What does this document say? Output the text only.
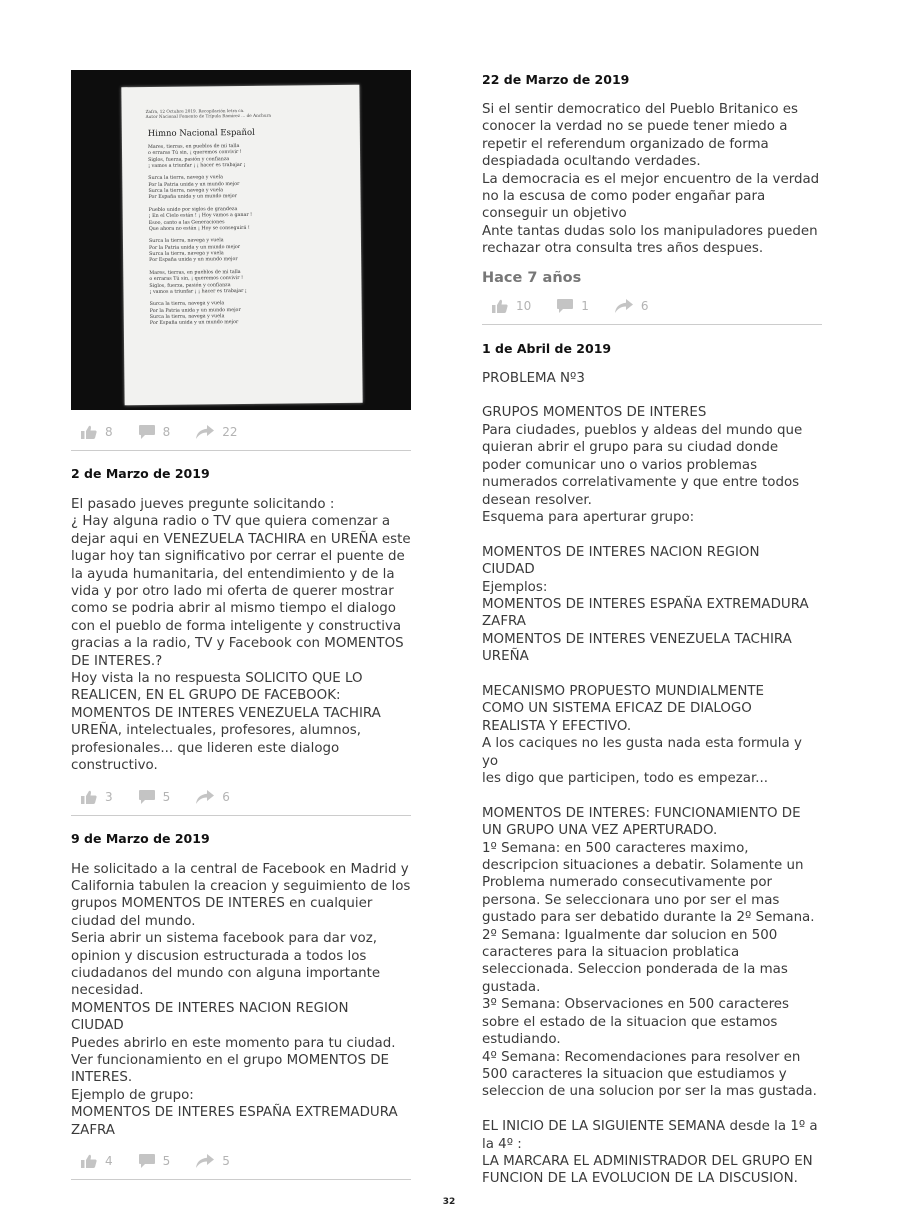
Zafra, 12 Octubre 2019. Recopilación letra ca.
Autor Nacional Fomento de Trípula Ramírez ... de Anchura
Himno Nacional Español
Mares, tierras, en pueblos de mi talla
o erraras Tú sin, ¡ queremos convivir !
Siglos, fuerza, pasión y confianza
¡ vamos a triunfar ¡ ¡ hacer es trabajar ¡

Surca la tierra, navega y vuela
Por la Patria unida y un mundo mejor
Surca la tierra, navega y vuela
Por España unida y un mundo mejor

Pueblo unido por siglos de grandeza
¡ En el Cielo están ! ¡ Hoy vamos a ganar !
Esoo, canto a las Generaciones
Que ahora no están ¡ Hoy se conseguirá !

Surca la tierra, navega y vuela
Por la Patria unida y un mundo mejor
Surca la tierra, navega y vuela
Por España unida y un mundo mejor

Mares, tierras, en pueblos de mi talla
o erraras Tú sin, ¡ queremos convivir !
Siglos, fuerza, pasión y confianza
¡ vamos a triunfar ¡ ¡ hacer es trabajar ¡

Surca la tierra, navega y vuela
Por la Patria unida y un mundo mejor
Surca la tierra, navega y vuela
Por España unida y un mundo mejor
8	8	22

2 de Marzo de 2019

El pasado jueves pregunte solicitando :
¿ Hay alguna radio o TV que quiera comenzar a
dejar aqui en VENEZUELA TACHIRA en UREÑA este
lugar hoy tan significativo por cerrar el puente de
la ayuda humanitaria, del entendimiento y de la
vida y por otro lado mi oferta de querer mostrar
como se podria abrir al mismo tiempo el dialogo
con el pueblo de forma inteligente y constructiva
gracias a la radio, TV y Facebook con MOMENTOS
DE INTERES.?
Hoy vista la no respuesta SOLICITO QUE LO
REALICEN, EN EL GRUPO DE FACEBOOK:
MOMENTOS DE INTERES VENEZUELA TACHIRA
UREÑA, intelectuales, profesores, alumnos,
profesionales... que lideren este dialogo
constructivo.
3	5	6

9 de Marzo de 2019

He solicitado a la central de Facebook en Madrid y
California tabulen la creacion y seguimiento de los
grupos MOMENTOS DE INTERES en cualquier
ciudad del mundo.
Seria abrir un sistema facebook para dar voz,
opinion y discusion estructurada a todos los
ciudadanos del mundo con alguna importante
necesidad.
MOMENTOS DE INTERES NACION REGION
CIUDAD
Puedes abrirlo en este momento para tu ciudad.
Ver funcionamiento en el grupo MOMENTOS DE
INTERES.
Ejemplo de grupo:
MOMENTOS DE INTERES ESPAÑA EXTREMADURA
ZAFRA
4	5	5

22 de Marzo de 2019

Si el sentir democratico del Pueblo Britanico es
conocer la verdad no se puede tener miedo a
repetir el referendum organizado de forma
despiadada ocultando verdades.
La democracia es el mejor encuentro de la verdad
no la escusa de como poder engañar para
conseguir un objetivo
Ante tantas dudas solo los manipuladores pueden
rechazar otra consulta tres años despues.
Hace 7 años
10	1	6

1 de Abril de 2019

PROBLEMA Nº3

GRUPOS MOMENTOS DE INTERES
Para ciudades, pueblos y aldeas del mundo que
quieran abrir el grupo para su ciudad donde
poder comunicar uno o varios problemas
numerados correlativamente y que entre todos
desean resolver.
Esquema para aperturar grupo:

MOMENTOS DE INTERES NACION REGION
CIUDAD
Ejemplos:
MOMENTOS DE INTERES ESPAÑA EXTREMADURA
ZAFRA
MOMENTOS DE INTERES VENEZUELA TACHIRA
UREÑA

MECANISMO PROPUESTO MUNDIALMENTE
COMO UN SISTEMA EFICAZ DE DIALOGO
REALISTA Y EFECTIVO.
A los caciques no les gusta nada esta formula y yo
les digo que participen, todo es empezar...

MOMENTOS DE INTERES: FUNCIONAMIENTO DE
UN GRUPO UNA VEZ APERTURADO.
1º Semana: en 500 caracteres maximo,
descripcion situaciones a debatir. Solamente un
Problema numerado consecutivamente por
persona. Se seleccionara uno por ser el mas
gustado para ser debatido durante la 2º Semana.
2º Semana: Igualmente dar solucion en 500
caracteres para la situacion problatica
seleccionada. Seleccion ponderada de la mas
gustada.
3º Semana: Observaciones en 500 caracteres
sobre el estado de la situacion que estamos
estudiando.
4º Semana: Recomendaciones para resolver en
500 caracteres la situacion que estudiamos y
seleccion de una solucion por ser la mas gustada.

EL INICIO DE LA SIGUIENTE SEMANA desde la 1º a
la 4º :
LA MARCARA EL ADMINISTRADOR DEL GRUPO EN
FUNCION DE LA EVOLUCION DE LA DISCUSION.
32
